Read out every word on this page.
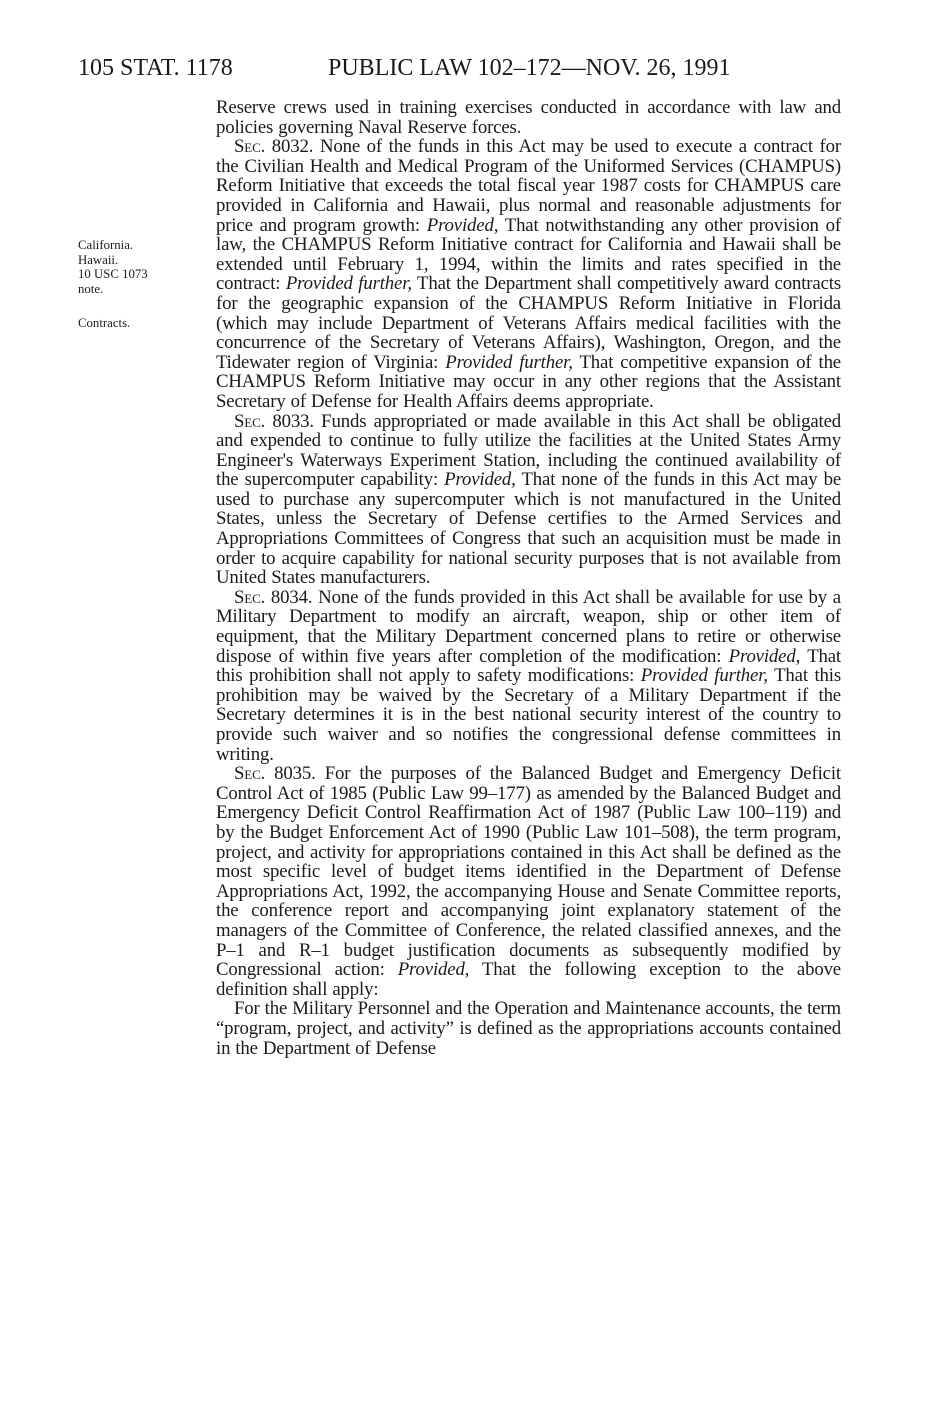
105 STAT. 1178	PUBLIC LAW 102–172—NOV. 26, 1991
California.
Hawaii.
10 USC 1073
note.
Contracts.

Reserve crews used in training exercises conducted in accordance with law and policies governing Naval Reserve forces.

Sec. 8032. None of the funds in this Act may be used to execute a contract for the Civilian Health and Medical Program of the Uniformed Services (CHAMPUS) Reform Initiative that exceeds the total fiscal year 1987 costs for CHAMPUS care provided in California and Hawaii, plus normal and reasonable adjustments for price and program growth: Provided, That notwithstanding any other provision of law, the CHAMPUS Reform Initiative contract for California and Hawaii shall be extended until February 1, 1994, within the limits and rates specified in the contract: Provided further, That the Department shall competitively award contracts for the geographic expansion of the CHAMPUS Reform Initiative in Florida (which may include Department of Veterans Affairs medical facilities with the concurrence of the Secretary of Veterans Affairs), Washington, Oregon, and the Tidewater region of Virginia: Provided further, That competitive expansion of the CHAMPUS Reform Initiative may occur in any other regions that the Assistant Secretary of Defense for Health Affairs deems appropriate.

Sec. 8033. Funds appropriated or made available in this Act shall be obligated and expended to continue to fully utilize the facilities at the United States Army Engineer's Waterways Experiment Station, including the continued availability of the supercomputer capability: Provided, That none of the funds in this Act may be used to purchase any supercomputer which is not manufactured in the United States, unless the Secretary of Defense certifies to the Armed Services and Appropriations Committees of Congress that such an acquisition must be made in order to acquire capability for national security purposes that is not available from United States manufacturers.

Sec. 8034. None of the funds provided in this Act shall be available for use by a Military Department to modify an aircraft, weapon, ship or other item of equipment, that the Military Department concerned plans to retire or otherwise dispose of within five years after completion of the modification: Provided, That this prohibition shall not apply to safety modifications: Provided further, That this prohibition may be waived by the Secretary of a Military Department if the Secretary determines it is in the best national security interest of the country to provide such waiver and so notifies the congressional defense committees in writing.

Sec. 8035. For the purposes of the Balanced Budget and Emergency Deficit Control Act of 1985 (Public Law 99–177) as amended by the Balanced Budget and Emergency Deficit Control Reaffirmation Act of 1987 (Public Law 100–119) and by the Budget Enforcement Act of 1990 (Public Law 101–508), the term program, project, and activity for appropriations contained in this Act shall be defined as the most specific level of budget items identified in the Department of Defense Appropriations Act, 1992, the accompanying House and Senate Committee reports, the conference report and accompanying joint explanatory statement of the managers of the Committee of Conference, the related classified annexes, and the P–1 and R–1 budget justification documents as subsequently modified by Congressional action: Provided, That the following exception to the above definition shall apply:

For the Military Personnel and the Operation and Maintenance accounts, the term “program, project, and activity” is defined as the appropriations accounts contained in the Department of Defense
